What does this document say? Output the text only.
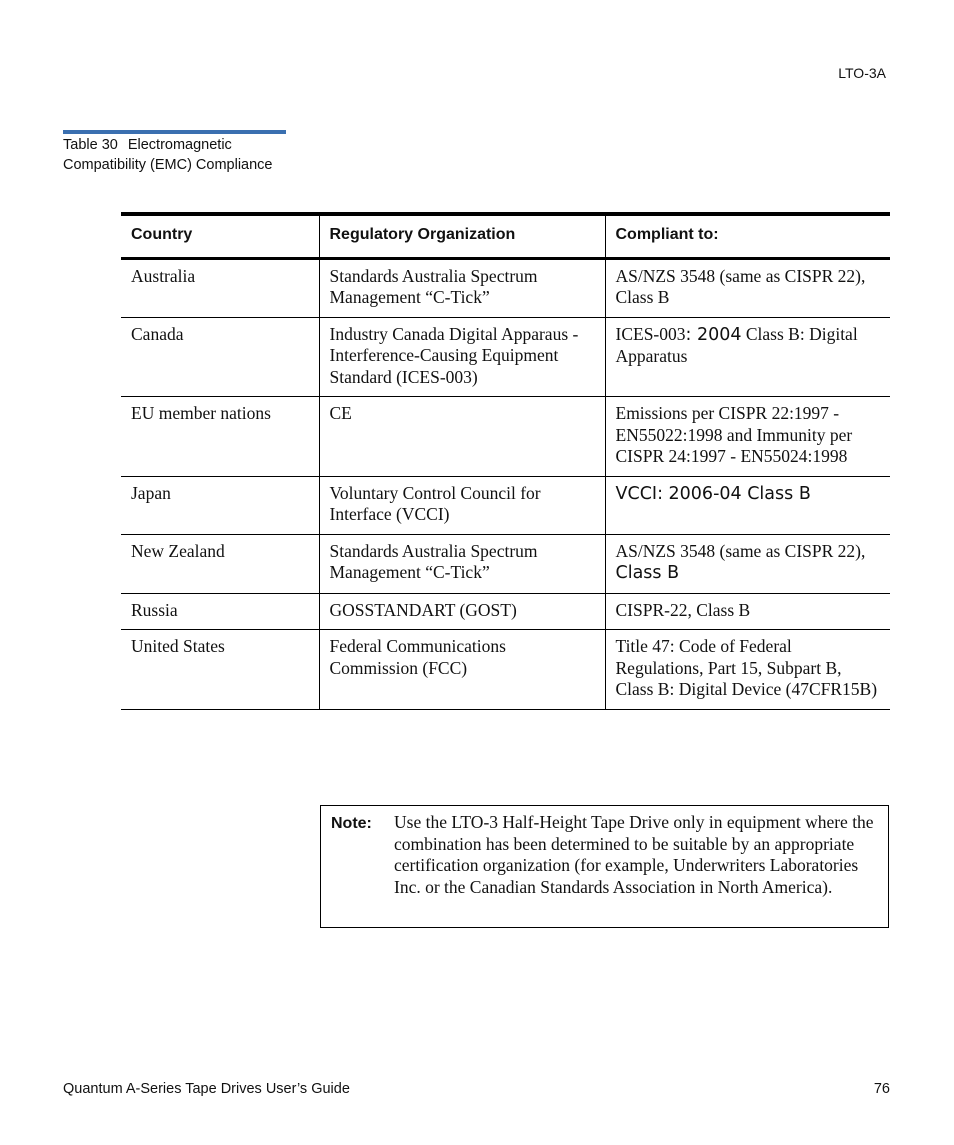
LTO-3A
Table 30 Electromagnetic Compatibility (EMC) Compliance
Country	Regulatory Organization	Compliant to:
Australia	Standards Australia Spectrum Management “C-Tick”	AS/NZS 3548 (same as CISPR 22), Class B
Canada	Industry Canada Digital Apparaus - Interference-Causing Equipment Standard (ICES-003)	ICES-003: 2004 Class B: Digital Apparatus
EU member nations	CE	Emissions per CISPR 22:1997 - EN55022:1998 and Immunity per CISPR 24:1997 - EN55024:1998
Japan	Voluntary Control Council for Interface (VCCI)	VCCI: 2006-04 Class B
New Zealand	Standards Australia Spectrum Management “C-Tick”	AS/NZS 3548 (same as CISPR 22), Class B
Russia	GOSSTANDART (GOST)	CISPR-22, Class B
United States	Federal Communications Commission (FCC)	Title 47: Code of Federal Regulations, Part 15, Subpart B, Class B: Digital Device (47CFR15B)
Note: Use the LTO-3 Half-Height Tape Drive only in equipment where the combination has been determined to be suitable by an appropriate certification organization (for example, Underwriters Laboratories Inc. or the Canadian Standards Association in North America).
Quantum A-Series Tape Drives User’s Guide	76
